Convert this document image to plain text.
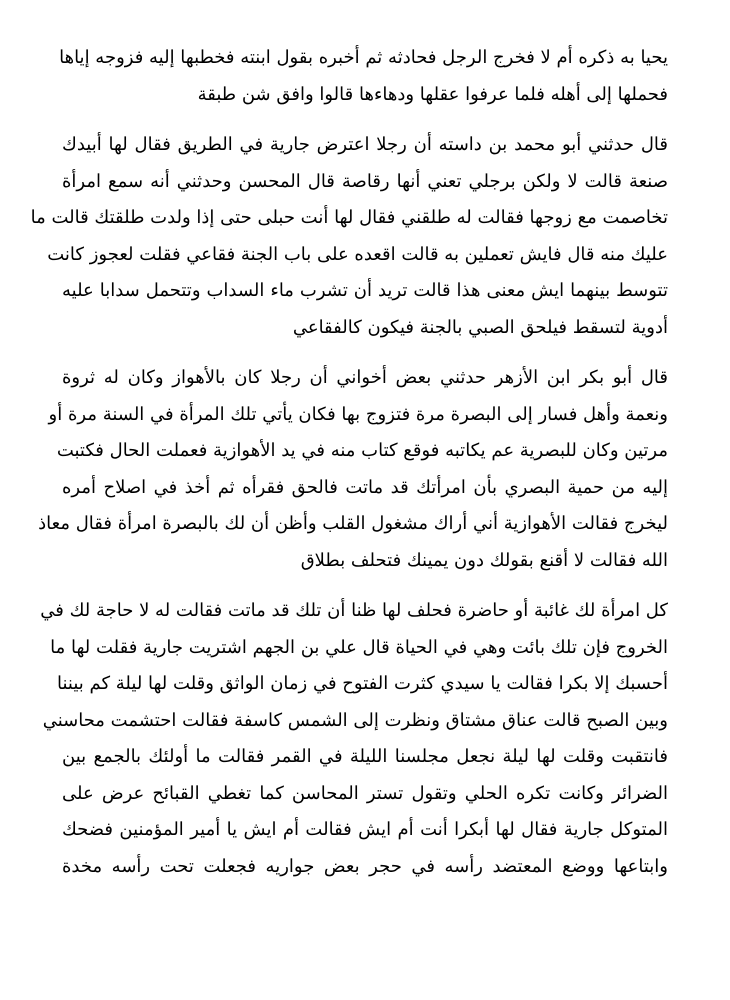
يحيا به ذكره أم لا فخرج الرجل فحادثه ثم أخبره بقول ابنته فخطبها إليه فزوجه إياها
فحملها إلى أهله فلما عرفوا عقلها ودهاءها قالوا وافق شن طبقة
قال حدثني أبو محمد بن داسته أن رجلا اعترض جارية في الطريق فقال لها أبيدك
صنعة قالت لا ولكن برجلي تعني أنها رقاصة قال المحسن وحدثني أنه سمع امرأة
تخاصمت مع زوجها فقالت له طلقني فقال لها أنت حبلى حتى إذا ولدت طلقتك قالت ما
عليك منه قال فايش تعملين به قالت اقعده على باب الجنة فقاعي فقلت لعجوز كانت
تتوسط بينهما ايش معنى هذا قالت تريد أن تشرب ماء السداب وتتحمل سدابا عليه
أدوية لتسقط فيلحق الصبي بالجنة فيكون كالفقاعي
قال أبو بكر ابن الأزهر حدثني بعض أخواني أن رجلا كان بالأهواز وكان له ثروة
ونعمة وأهل فسار إلى البصرة مرة فتزوج بها فكان يأتي تلك المرأة في السنة مرة أو
مرتين وكان للبصرية عم يكاتبه فوقع كتاب منه في يد الأهوازية فعملت الحال فكتبت
إليه من حمية البصري بأن امرأتك قد ماتت فالحق فقرأه ثم أخذ في اصلاح أمره
ليخرج فقالت الأهوازية أني أراك مشغول القلب وأظن أن لك بالبصرة امرأة فقال معاذ
الله فقالت لا أقنع بقولك دون يمينك فتحلف بطلاق
كل امرأة لك غائبة أو حاضرة فحلف لها ظنا أن تلك قد ماتت فقالت له لا حاجة لك في
الخروج فإن تلك بائت وهي في الحياة قال علي بن الجهم اشتريت جارية فقلت لها ما
أحسبك إلا بكرا فقالت يا سيدي كثرت الفتوح في زمان الواثق وقلت لها ليلة كم بيننا
وبين الصبح قالت عناق مشتاق ونظرت إلى الشمس كاسفة فقالت احتشمت محاسني
فانتقبت وقلت لها ليلة نجعل مجلسنا الليلة في القمر فقالت ما أولئك بالجمع بين
الضرائر وكانت تكره الحلي وتقول تستر المحاسن كما تغطي القبائح عرض على
المتوكل جارية فقال لها أبكرا أنت أم ايش فقالت أم ايش يا أمير المؤمنين فضحك
وابتاعها ووضع المعتضد رأسه في حجر بعض جواريه فجعلت تحت رأسه مخدة
